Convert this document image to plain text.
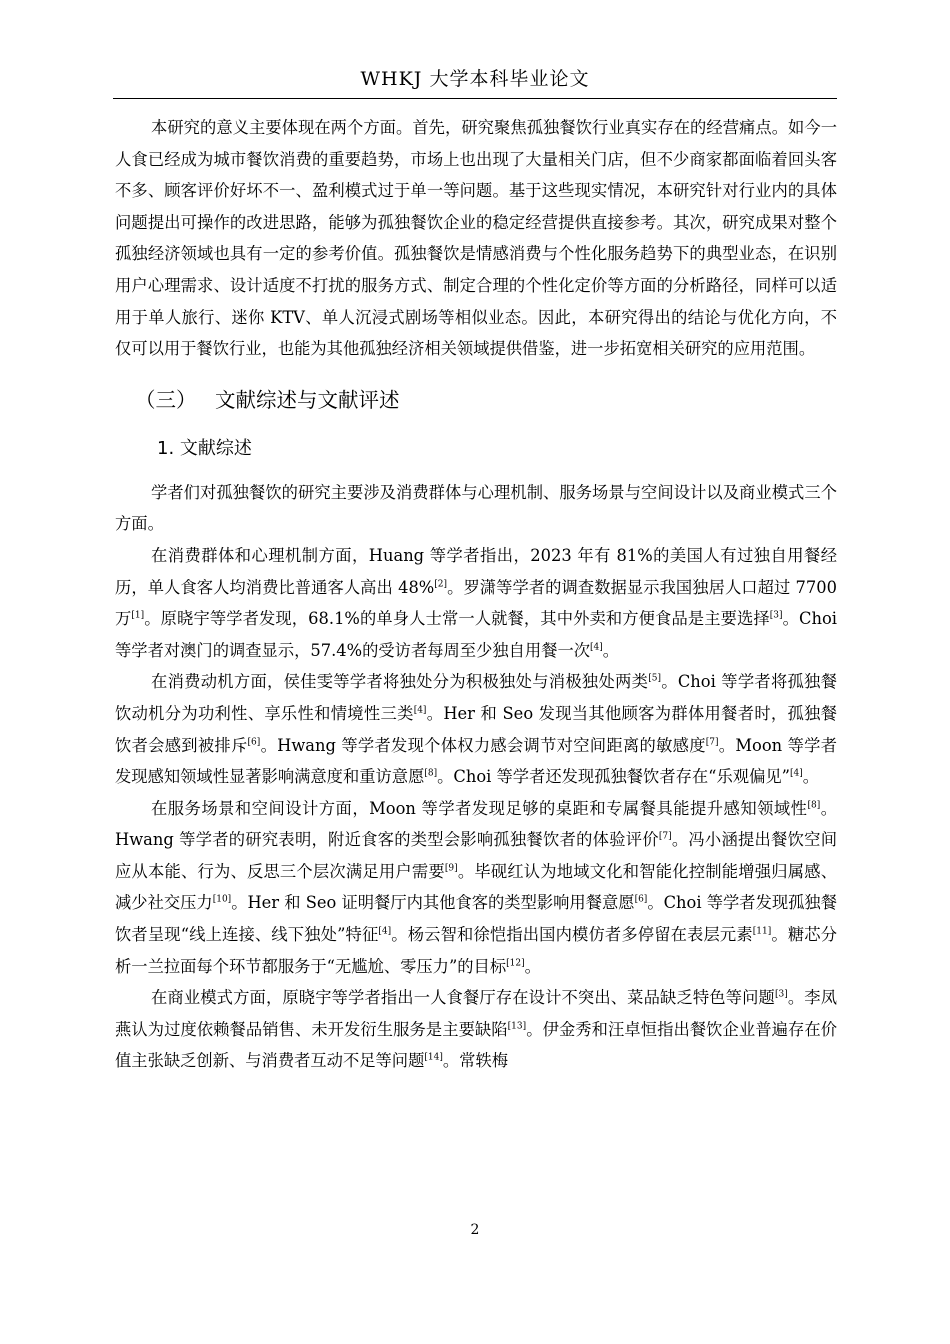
WHKJ 大学本科毕业论文

本研究的意义主要体现在两个方面。首先，研究聚焦孤独餐饮行业真实存在的经营痛点。如今一人食已经成为城市餐饮消费的重要趋势，市场上也出现了大量相关门店，但不少商家都面临着回头客不多、顾客评价好坏不一、盈利模式过于单一等问题。基于这些现实情况，本研究针对行业内的具体问题提出可操作的改进思路，能够为孤独餐饮企业的稳定经营提供直接参考。其次，研究成果对整个孤独经济领域也具有一定的参考价值。孤独餐饮是情感消费与个性化服务趋势下的典型业态，在识别用户心理需求、设计适度不打扰的服务方式、制定合理的个性化定价等方面的分析路径，同样可以适用于单人旅行、迷你 KTV、单人沉浸式剧场等相似业态。因此，本研究得出的结论与优化方向，不仅可以用于餐饮行业，也能为其他孤独经济相关领域提供借鉴，进一步拓宽相关研究的应用范围。

（三） 文献综述与文献评述
1. 文献综述

学者们对孤独餐饮的研究主要涉及消费群体与心理机制、服务场景与空间设计以及商业模式三个方面。

在消费群体和心理机制方面，Huang 等学者指出，2023 年有 81%的美国人有过独自用餐经历，单人食客人均消费比普通客人高出 48%[2]。罗潇等学者的调查数据显示我国独居人口超过 7700 万[1]。原晓宇等学者发现，68.1%的单身人士常一人就餐，其中外卖和方便食品是主要选择[3]。Choi 等学者对澳门的调查显示，57.4%的受访者每周至少独自用餐一次[4]。

在消费动机方面，侯佳雯等学者将独处分为积极独处与消极独处两类[5]。Choi 等学者将孤独餐饮动机分为功利性、享乐性和情境性三类[4]。Her 和 Seo 发现当其他顾客为群体用餐者时，孤独餐饮者会感到被排斥[6]。Hwang 等学者发现个体权力感会调节对空间距离的敏感度[7]。Moon 等学者发现感知领域性显著影响满意度和重访意愿[8]。Choi 等学者还发现孤独餐饮者存在“乐观偏见”[4]。

在服务场景和空间设计方面，Moon 等学者发现足够的桌距和专属餐具能提升感知领域性[8]。Hwang 等学者的研究表明，附近食客的类型会影响孤独餐饮者的体验评价[7]。冯小涵提出餐饮空间应从本能、行为、反思三个层次满足用户需要[9]。毕砚红认为地域文化和智能化控制能增强归属感、减少社交压力[10]。Her 和 Seo 证明餐厅内其他食客的类型影响用餐意愿[6]。Choi 等学者发现孤独餐饮者呈现“线上连接、线下独处”特征[4]。杨云智和徐恺指出国内模仿者多停留在表层元素[11]。糖芯分析一兰拉面每个环节都服务于“无尴尬、零压力”的目标[12]。

在商业模式方面，原晓宇等学者指出一人食餐厅存在设计不突出、菜品缺乏特色等问题[3]。李凤燕认为过度依赖餐品销售、未开发衍生服务是主要缺陷[13]。伊金秀和汪卓恒指出餐饮企业普遍存在价值主张缺乏创新、与消费者互动不足等问题[14]。常轶梅

2
